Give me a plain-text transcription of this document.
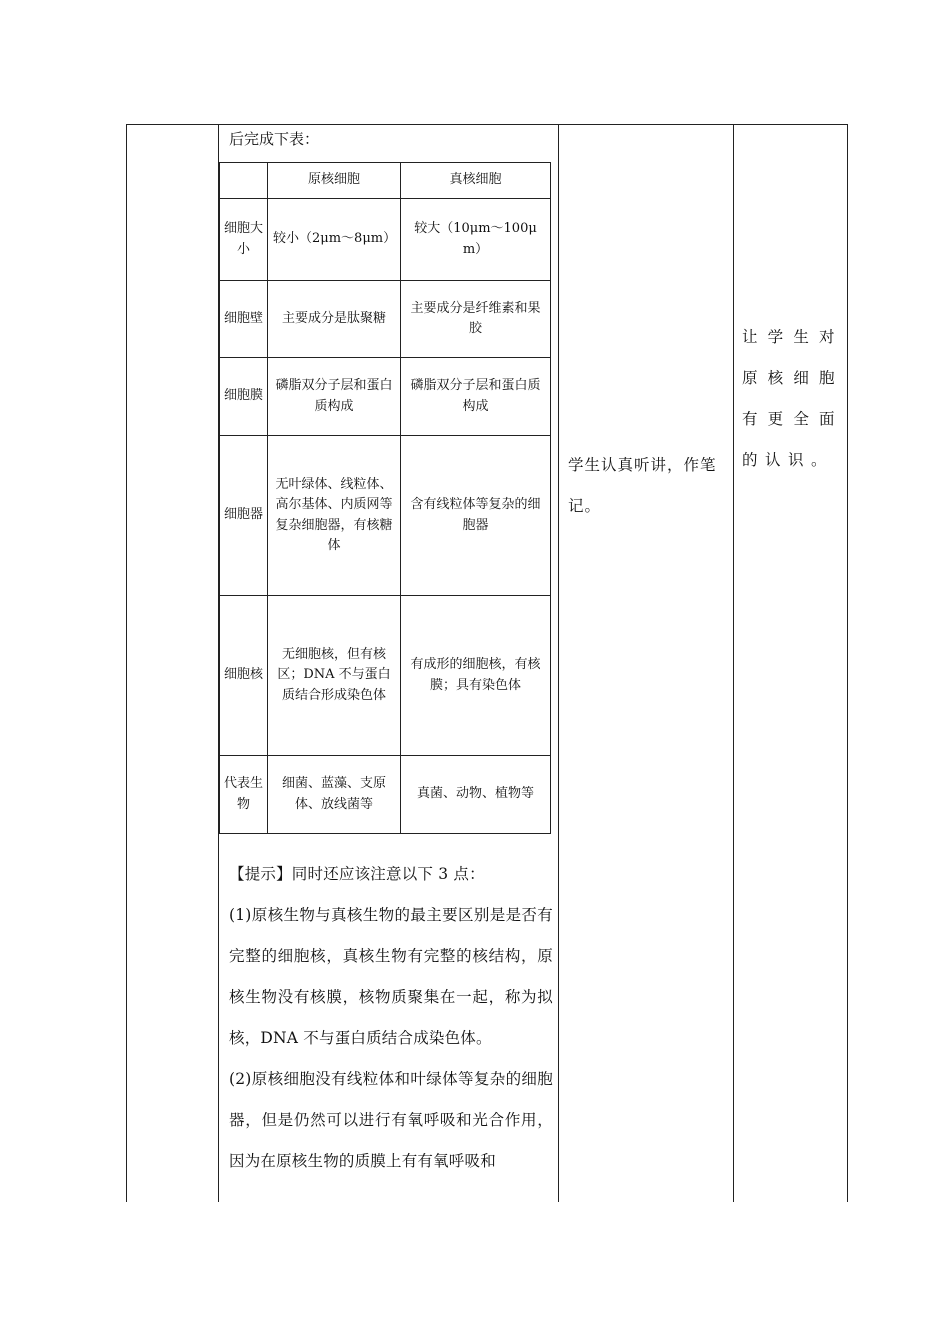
后完成下表：
	原核细胞	真核细胞
细胞大小	较小（2μm～8μm）	较大（10μm～100μm）
细胞壁	主要成分是肽聚糖	主要成分是纤维素和果胶
细胞膜	磷脂双分子层和蛋白质构成	磷脂双分子层和蛋白质构成
细胞器	无叶绿体、线粒体、高尔基体、内质网等复杂细胞器，有核糖体	含有线粒体等复杂的细胞器
细胞核	无细胞核，但有核区；DNA 不与蛋白质结合形成染色体	有成形的细胞核，有核膜；具有染色体
代表生物	细菌、蓝藻、支原体、放线菌等	真菌、动物、植物等

【提示】同时还应该注意以下 3 点：

(1)原核生物与真核生物的最主要区别是是否有完整的细胞核，真核生物有完整的核结构，原核生物没有核膜，核物质聚集在一起，称为拟核，DNA 不与蛋白质结合成染色体。

(2)原核细胞没有线粒体和叶绿体等复杂的细胞器，但是仍然可以进行有氧呼吸和光合作用，因为在原核生物的质膜上有有氧呼吸和

学生认真听讲，作笔记。
让学生对原核细胞有更全面的认识。
